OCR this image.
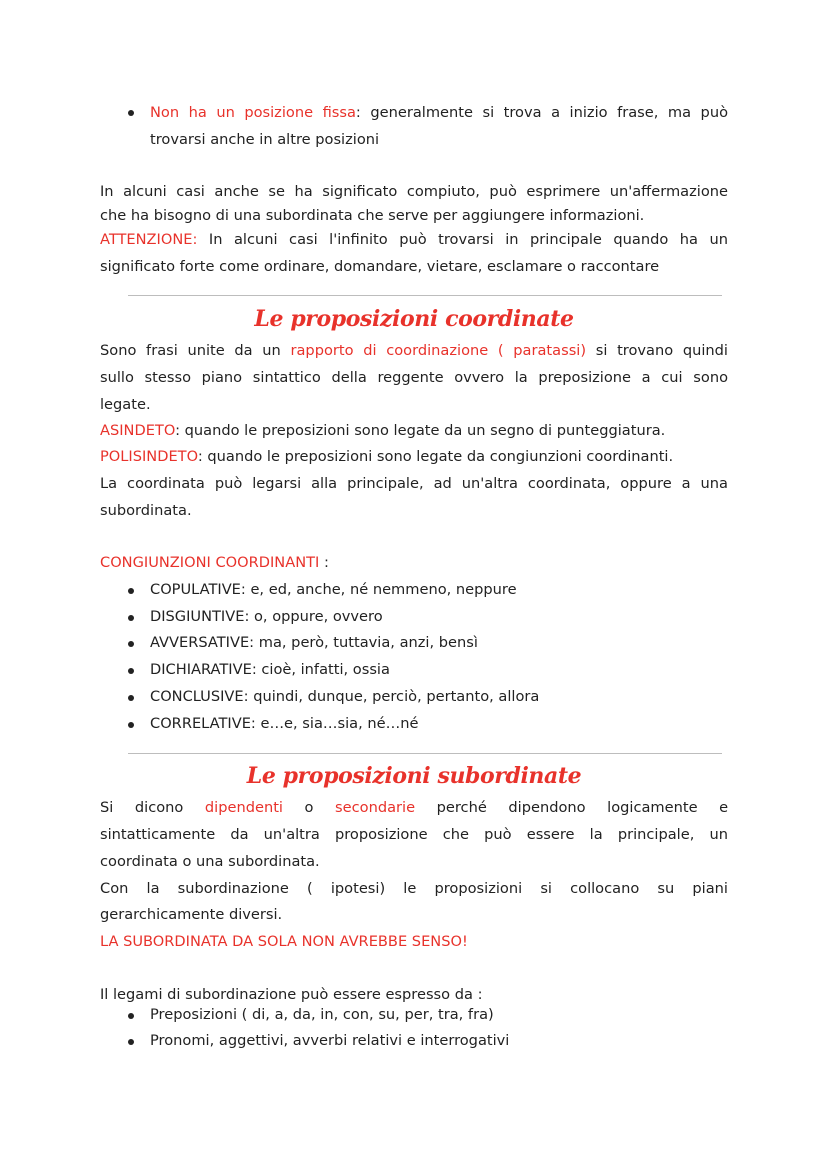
Non ha un posizione fissa: generalmente si trova a inizio frase, ma può
trovarsi anche in altre posizioni
In alcuni casi anche se ha significato compiuto, può esprimere un'affermazione
che ha bisogno di una subordinata che serve per aggiungere informazioni.
ATTENZIONE: In alcuni casi l'infinito può trovarsi in principale quando ha un
significato forte come ordinare, domandare, vietare, esclamare o raccontare
Le proposizioni coordinate
Sono frasi unite da un rapporto di coordinazione ( paratassi) si trovano quindi
sullo stesso piano sintattico della reggente ovvero la preposizione a cui sono
legate.
ASINDETO: quando le preposizioni sono legate da un segno di punteggiatura.
POLISINDETO: quando le preposizioni sono legate da congiunzioni coordinanti.
La coordinata può legarsi alla principale, ad un'altra coordinata, oppure a una
subordinata.
CONGIUNZIONI COORDINANTI :
COPULATIVE: e, ed, anche, né nemmeno, neppure
DISGIUNTIVE: o, oppure, ovvero
AVVERSATIVE: ma, però, tuttavia, anzi, bensì
DICHIARATIVE: cioè, infatti, ossia
CONCLUSIVE: quindi, dunque, perciò, pertanto, allora
CORRELATIVE: e…e, sia…sia, né…né
Le proposizioni subordinate
Si dicono dipendenti o secondarie perché dipendono logicamente e
sintatticamente da un'altra proposizione che può essere la principale, un
coordinata o una subordinata.
Con la subordinazione ( ipotesi) le proposizioni si collocano su piani
gerarchicamente diversi.
LA SUBORDINATA DA SOLA NON AVREBBE SENSO!
Il legami di subordinazione può essere espresso da :
Preposizioni ( di, a, da, in, con, su, per, tra, fra)
Pronomi, aggettivi, avverbi relativi e interrogativi
